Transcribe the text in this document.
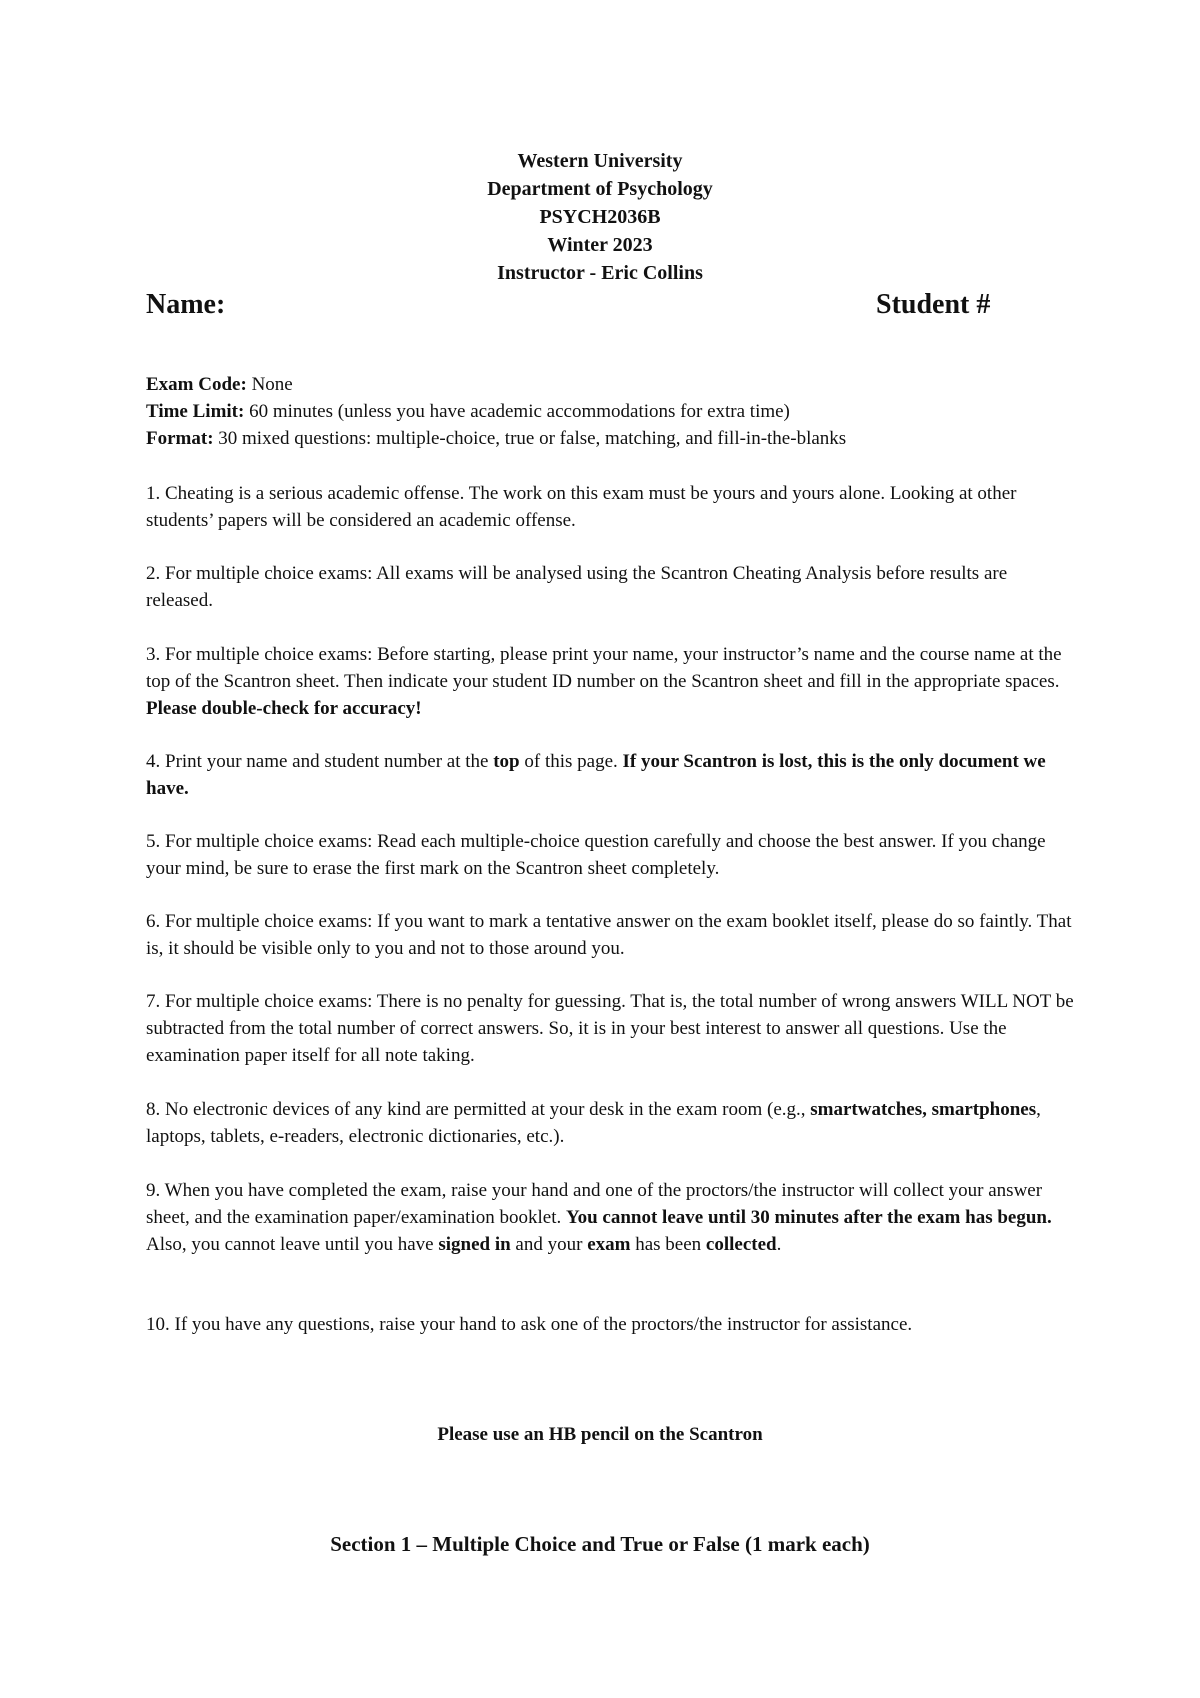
Western University
Department of Psychology
PSYCH2036B
Winter 2023
Instructor - Eric Collins
Name:	Student #
Exam Code: None
Time Limit: 60 minutes (unless you have academic accommodations for extra time)
Format: 30 mixed questions: multiple-choice, true or false, matching, and fill-in-the-blanks
1. Cheating is a serious academic offense. The work on this exam must be yours and yours alone. Looking at other students’ papers will be considered an academic offense.
2. For multiple choice exams: All exams will be analysed using the Scantron Cheating Analysis before results are released.
3. For multiple choice exams: Before starting, please print your name, your instructor’s name and the course name at the top of the Scantron sheet. Then indicate your student ID number on the Scantron sheet and fill in the appropriate spaces. Please double-check for accuracy!
4. Print your name and student number at the top of this page. If your Scantron is lost, this is the only document we have.
5. For multiple choice exams: Read each multiple-choice question carefully and choose the best answer. If you change your mind, be sure to erase the first mark on the Scantron sheet completely.
6. For multiple choice exams: If you want to mark a tentative answer on the exam booklet itself, please do so faintly. That is, it should be visible only to you and not to those around you.
7. For multiple choice exams: There is no penalty for guessing. That is, the total number of wrong answers WILL NOT be subtracted from the total number of correct answers. So, it is in your best interest to answer all questions. Use the examination paper itself for all note taking.
8. No electronic devices of any kind are permitted at your desk in the exam room (e.g., smartwatches, smartphones, laptops, tablets, e-readers, electronic dictionaries, etc.).
9. When you have completed the exam, raise your hand and one of the proctors/the instructor will collect your answer sheet, and the examination paper/examination booklet. You cannot leave until 30 minutes after the exam has begun. Also, you cannot leave until you have signed in and your exam has been collected.
10. If you have any questions, raise your hand to ask one of the proctors/the instructor for assistance.
Please use an HB pencil on the Scantron
Section 1 – Multiple Choice and True or False (1 mark each)
